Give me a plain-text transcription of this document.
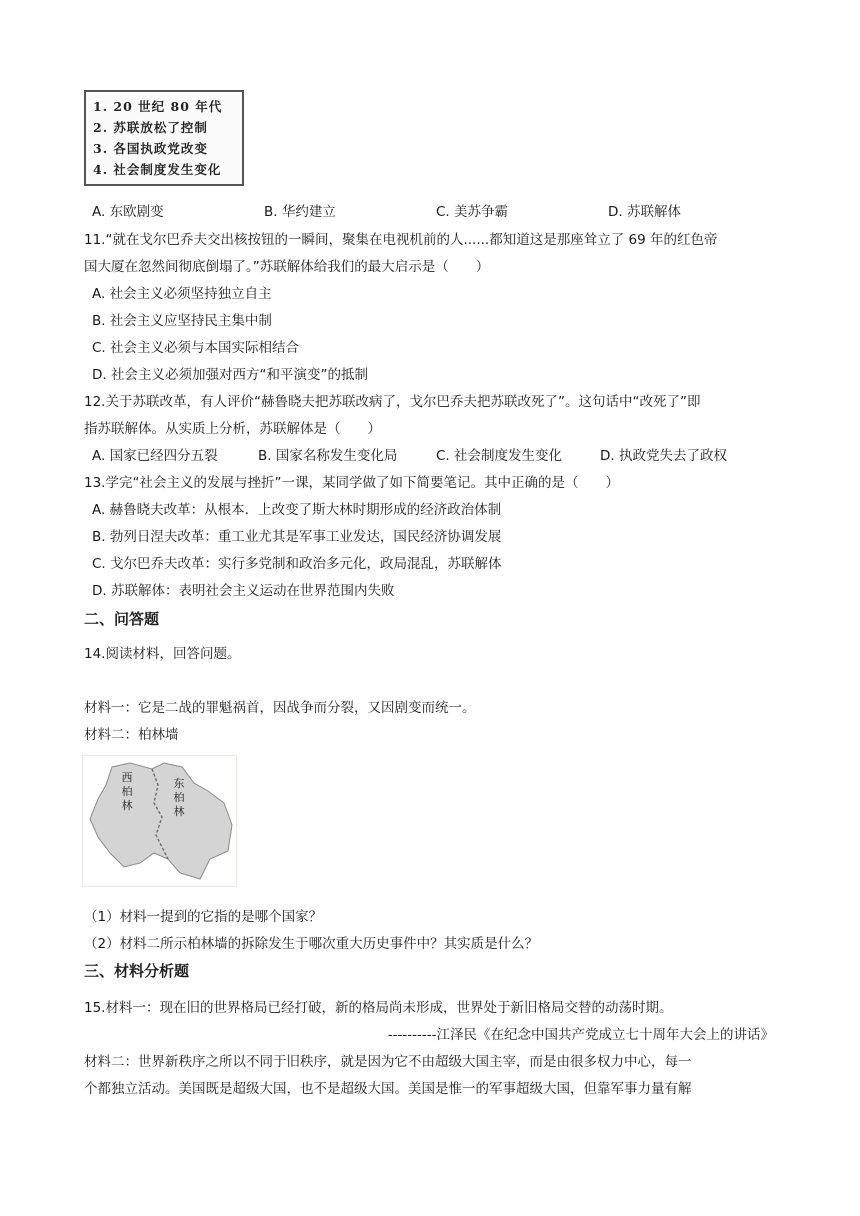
1. 20 世纪 80 年代
2. 苏联放松了控制
3. 各国执政党改变
4. 社会制度发生变化
A. 东欧剧变	B. 华约建立	C. 美苏争霸	D. 苏联解体
11.“就在戈尔巴乔夫交出核按钮的一瞬间，聚集在电视机前的人......都知道这是那座耸立了 69 年的红色帝
国大厦在忽然间彻底倒塌了。”苏联解体给我们的最大启示是（　　）
A. 社会主义必须坚持独立自主
B. 社会主义应坚持民主集中制
C. 社会主义必须与本国实际相结合
D. 社会主义必须加强对西方“和平演变”的抵制
12.关于苏联改革，有人评价“赫鲁晓夫把苏联改病了，戈尔巴乔夫把苏联改死了”。这句话中“改死了”即
指苏联解体。从实质上分析，苏联解体是（　　）
A. 国家已经四分五裂	B. 国家名称发生变化局	C. 社会制度发生变化	D. 执政党失去了政权
13.学完“社会主义的发展与挫折”一课，某同学做了如下简要笔记。其中正确的是（　　）
A. 赫鲁晓夫改革：从根本．上改变了斯大林时期形成的经济政治体制
B. 勃列日涅夫改革：重工业尤其是军事工业发达，国民经济协调发展
C. 戈尔巴乔夫改革：实行多党制和政治多元化，政局混乱，苏联解体
D. 苏联解体：表明社会主义运动在世界范围内失败
二、问答题
14.阅读材料，回答问题。
材料一：它是二战的罪魁祸首，因战争而分裂，又因剧变而统一。
材料二：柏林墙
西
柏
林
东
柏
林
（1）材料一提到的它指的是哪个国家？
（2）材料二所示柏林墙的拆除发生于哪次重大历史事件中？其实质是什么？
三、材料分析题
15.材料一：现在旧的世界格局已经打破，新的格局尚未形成，世界处于新旧格局交替的动荡时期。
----------江泽民《在纪念中国共产党成立七十周年大会上的讲话》
材料二：世界新秩序之所以不同于旧秩序，就是因为它不由超级大国主宰，而是由很多权力中心，每一
个都独立活动。美国既是超级大国，也不是超级大国。美国是惟一的军事超级大国，但靠军事力量有解
